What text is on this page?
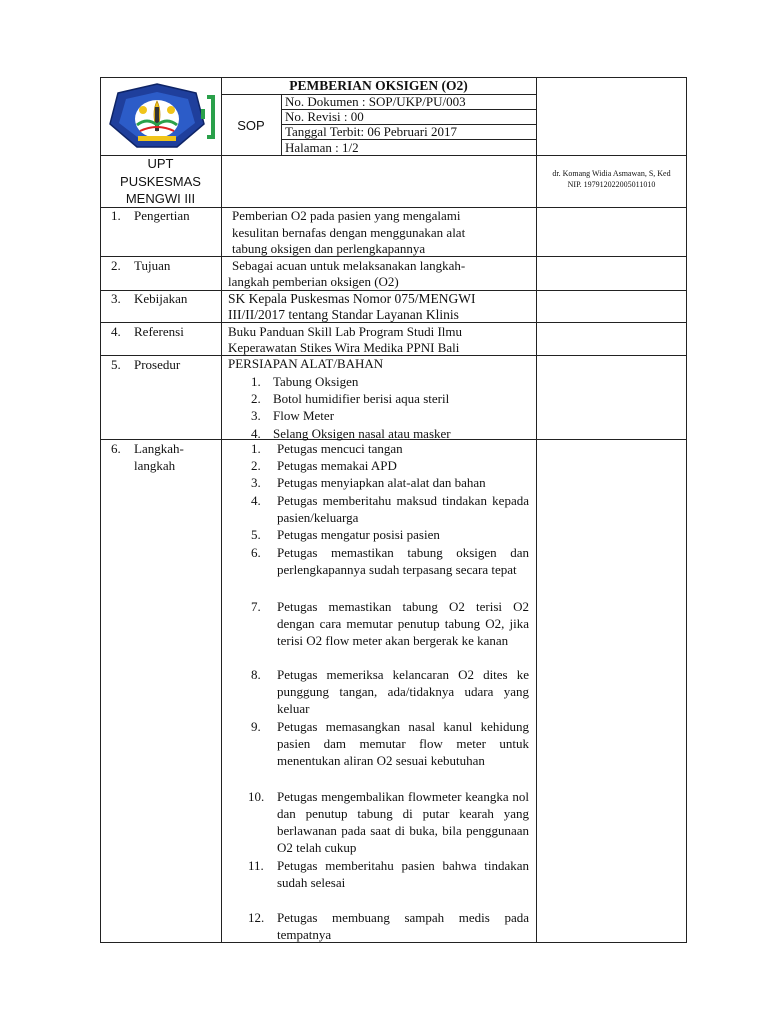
PEMBERIAN OKSIGEN (O2)
SOP
No. Dokumen : SOP/UKP/PU/003
No. Revisi : 00
Tanggal Terbit: 06 Pebruari 2017
Halaman : 1/2
UPT
PUSKESMAS
MENGWI III
dr. Komang Widia Asmawan, S, Ked
NIP. 197912022005011010
1. Pengertian	Pemberian O2 pada pasien yang mengalami
kesulitan bernafas dengan menggunakan alat
tabung oksigen dan perlengkapannya
2. Tujuan	Sebagai acuan untuk melaksanakan langkah-
langkah pemberian oksigen (O2)
3. Kebijakan	SK Kepala Puskesmas Nomor 075/MENGWI
III/II/2017 tentang Standar Layanan Klinis
4. Referensi	Buku Panduan Skill Lab Program Studi Ilmu
Keperawatan Stikes Wira Medika PPNI Bali
5. Prosedur	PERSIAPAN ALAT/BAHAN
1. Tabung Oksigen
2. Botol humidifier berisi aqua steril
3. Flow Meter
4. Selang Oksigen nasal atau masker
6. Langkah-
langkah
1. Petugas mencuci tangan
2. Petugas memakai APD
3. Petugas menyiapkan alat-alat dan bahan
4. Petugas memberitahu maksud tindakan kepada pasien/keluarga
5. Petugas mengatur posisi pasien
6. Petugas memastikan tabung oksigen dan perlengkapannya sudah terpasang secara tepat
7. Petugas memastikan tabung O2 terisi O2 dengan cara memutar penutup tabung O2, jika terisi O2 flow meter akan bergerak ke kanan
8. Petugas memeriksa kelancaran O2 dites ke punggung tangan, ada/tidaknya udara yang keluar
9. Petugas memasangkan nasal kanul kehidung pasien dam memutar flow meter untuk menentukan aliran O2 sesuai kebutuhan
10. Petugas mengembalikan flowmeter keangka nol dan penutup tabung di putar kearah yang berlawanan pada saat di buka, bila penggunaan O2 telah cukup
11. Petugas memberitahu pasien bahwa tindakan sudah selesai
12. Petugas membuang sampah medis pada tempatnya
